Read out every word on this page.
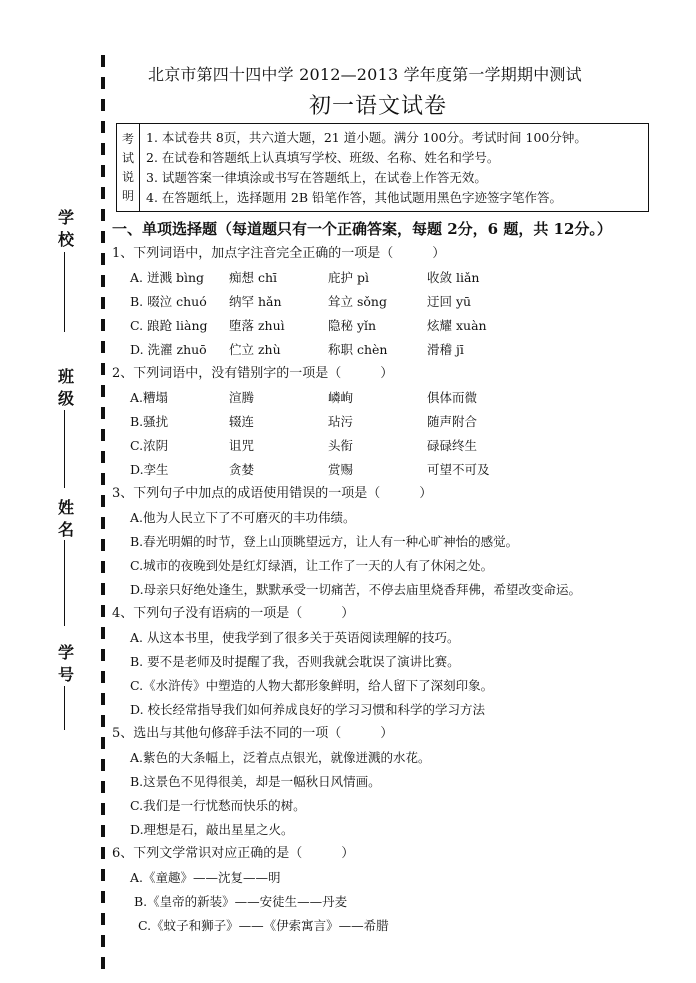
学校
班级
姓名
学号
北京市第四十四中学 2012—2013 学年度第一学期期中测试
初一语文试卷
考
试
说
明
1. 本试卷共 8页，共六道大题，21 道小题。满分 100分。考试时间 100分钟。
2. 在试卷和答题纸上认真填写学校、班级、名称、姓名和学号。
3. 试题答案一律填涂或书写在答题纸上，在试卷上作答无效。
4. 在答题纸上，选择题用 2B 铅笔作答，其他试题用黑色字迹签字笔作答。
一、单项选择题（每道题只有一个正确答案，每题 2分，6 题，共 12分。）
1、下列词语中，加点字注音完全正确的一项是（　　　）
A. 迸溅 bìng	痴想 chī	庇护 pì	收敛 liǎn
B. 啜泣 chuó	纳罕 hǎn	耸立 sǒng	迂回 yū
C. 踉跄 liàng	堕落 zhuì	隐秘 yǐn	炫耀 xuàn
D. 洗濯 zhuō	伫立 zhù	称职 chèn	滑稽 jī
2、下列词语中，没有错别字的一项是（　　　）
A.糟塌	渲腾	嶙峋	俱体而微
B.骚扰	辍连	玷污	随声附合
C.浓阴	诅咒	头衔	碌碌终生
D.孪生	贪婪	赏赐	可望不可及
3、下列句子中加点的成语使用错误的一项是（　　　）
A.他为人民立下了不可磨灭的丰功伟绩。
B.春光明媚的时节，登上山顶眺望远方，让人有一种心旷神怡的感觉。
C.城市的夜晚到处是红灯绿酒，让工作了一天的人有了休闲之处。
D.母亲只好绝处逢生，默默承受一切痛苦，不停去庙里烧香拜佛，希望改变命运。
4、下列句子没有语病的一项是（　　　）
A. 从这本书里，使我学到了很多关于英语阅读理解的技巧。
B. 要不是老师及时提醒了我，否则我就会耽误了演讲比赛。
C.《水浒传》中塑造的人物大都形象鲜明，给人留下了深刻印象。
D. 校长经常指导我们如何养成良好的学习习惯和科学的学习方法
5、选出与其他句修辞手法不同的一项（　　　）
A.紫色的大条幅上，泛着点点银光，就像迸溅的水花。
B.这景色不见得很美，却是一幅秋日风情画。
C.我们是一行忧愁而快乐的树。
D.理想是石，敲出星星之火。
6、下列文学常识对应正确的是（　　　）
A.《童趣》——沈复——明
B.《皇帝的新装》——安徒生——丹麦
C.《蚊子和狮子》——《伊索寓言》——希腊
